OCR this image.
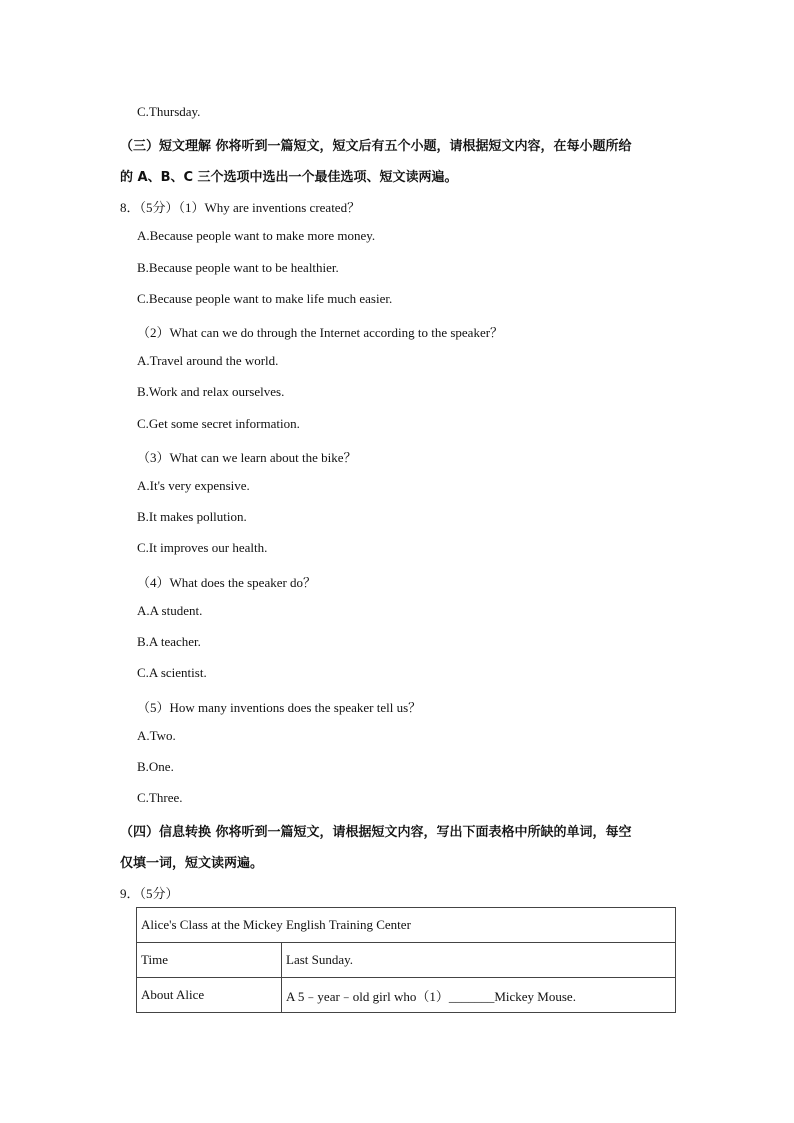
C.Thursday.
（三）短文理解 你将听到一篇短文，短文后有五个小题，请根据短文内容，在每小题所给
的 A、B、C 三个选项中选出一个最佳选项、短文读两遍。
8．（5分）（1）Why are inventions created？
A.Because people want to make more money.
B.Because people want to be healthier.
C.Because people want to make life much easier.
（2）What can we do through the Internet according to the speaker？
A.Travel around the world.
B.Work and relax ourselves.
C.Get some secret information.
（3）What can we learn about the bike？
A.It's very expensive.
B.It makes pollution.
C.It improves our health.
（4）What does the speaker do？
A.A student.
B.A teacher.
C.A scientist.
（5）How many inventions does the speaker tell us？
A.Two.
B.One.
C.Three.
（四）信息转换 你将听到一篇短文，请根据短文内容，写出下面表格中所缺的单词，每空
仅填一词，短文读两遍。
9．（5分）
Alice's Class at the Mickey English Training Center	
Time	Last Sunday.
About Alice	A 5﹣year﹣old girl who（1）_______Mickey Mouse.
